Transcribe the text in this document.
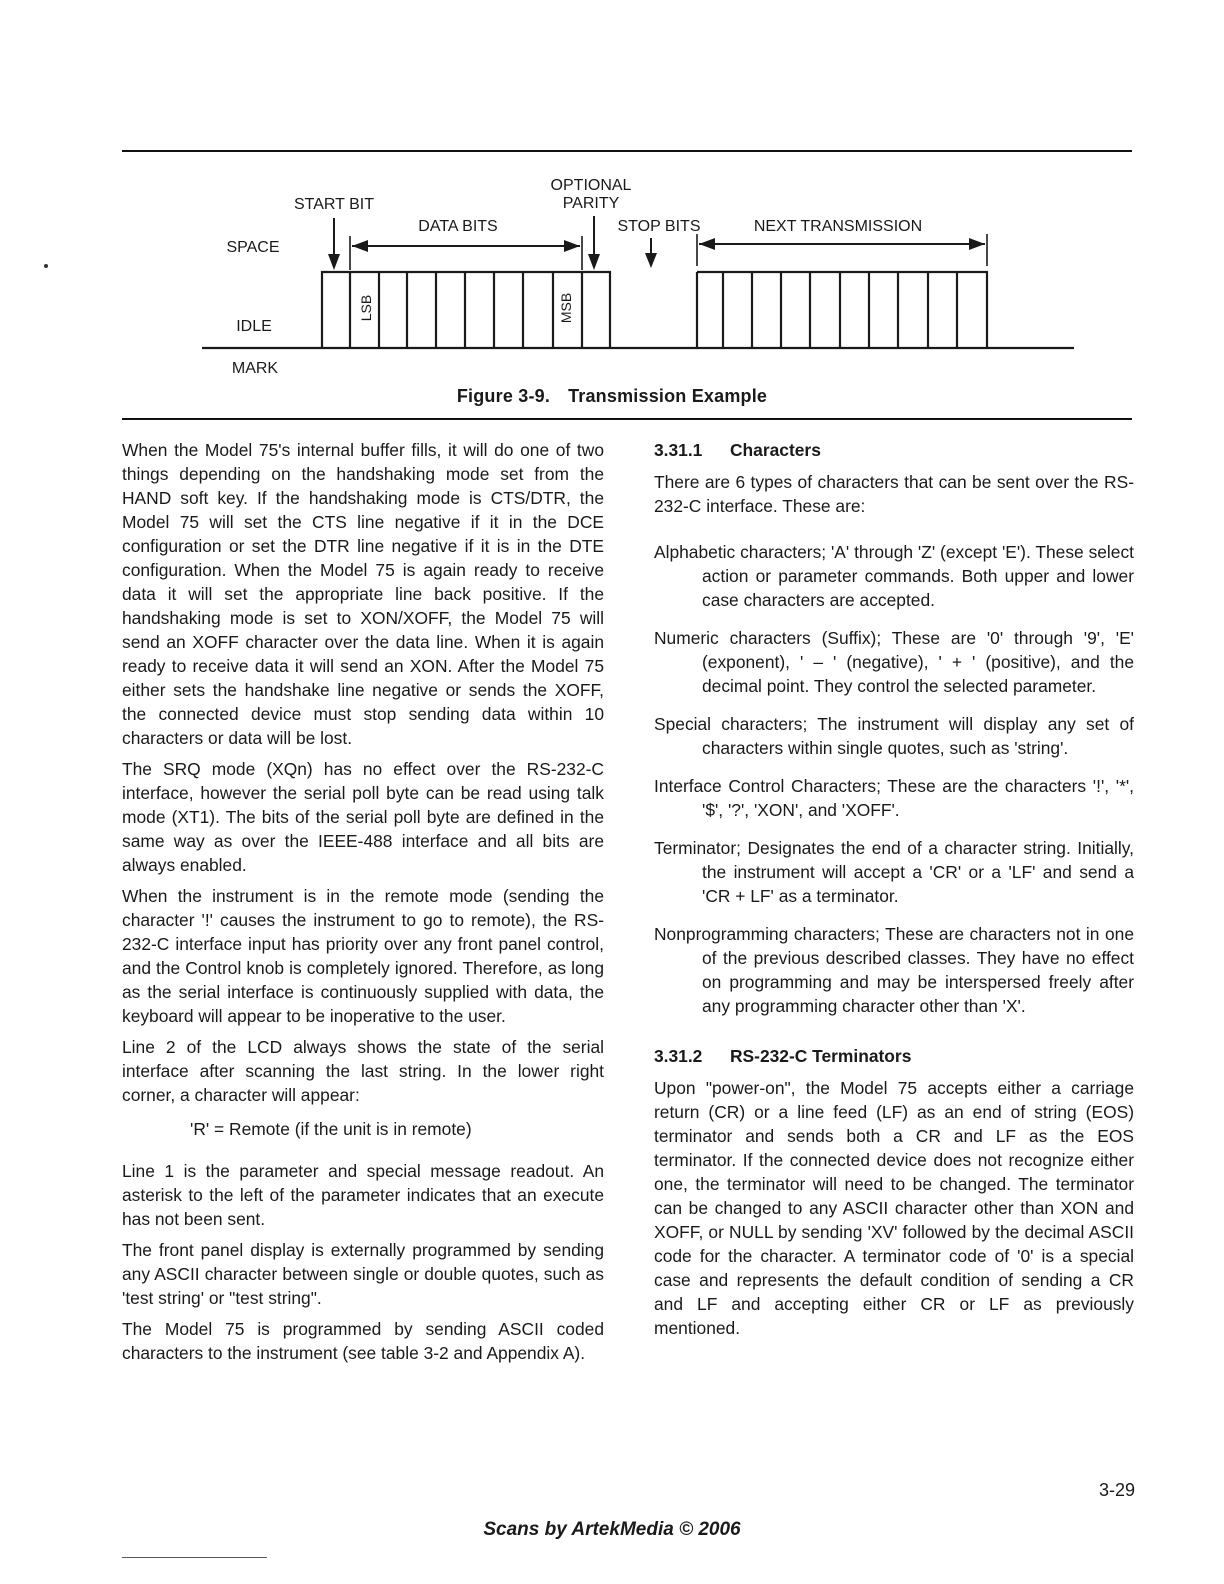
OPTIONAL
PARITY
START BIT
DATA BITS	STOP BITS	NEXT TRANSMISSION
SPACE
IDLE
MARK
LSB	MSB
Figure 3-9. Transmission Example

When the Model 75's internal buffer fills, it will do one of two things depending on the handshaking mode set from the HAND soft key. If the handshaking mode is CTS/DTR, the Model 75 will set the CTS line negative if it in the DCE configuration or set the DTR line negative if it is in the DTE configuration. When the Model 75 is again ready to receive data it will set the appropriate line back positive. If the handshaking mode is set to XON/XOFF, the Model 75 will send an XOFF character over the data line. When it is again ready to receive data it will send an XON. After the Model 75 either sets the handshake line negative or sends the XOFF, the connected device must stop sending data within 10 characters or data will be lost.

The SRQ mode (XQn) has no effect over the RS-232-C interface, however the serial poll byte can be read using talk mode (XT1). The bits of the serial poll byte are defined in the same way as over the IEEE-488 interface and all bits are always enabled.

When the instrument is in the remote mode (sending the character '!' causes the instrument to go to remote), the RS-232-C interface input has priority over any front panel control, and the Control knob is completely ignored. Therefore, as long as the serial interface is continuously supplied with data, the keyboard will appear to be inoperative to the user.

Line 2 of the LCD always shows the state of the serial interface after scanning the last string. In the lower right corner, a character will appear:

'R' = Remote (if the unit is in remote)

Line 1 is the parameter and special message readout. An asterisk to the left of the parameter indicates that an execute has not been sent.

The front panel display is externally programmed by sending any ASCII character between single or double quotes, such as 'test string' or "test string".

The Model 75 is programmed by sending ASCII coded characters to the instrument (see table 3-2 and Appendix A).

3.31.1 Characters

There are 6 types of characters that can be sent over the RS-232-C interface. These are:

Alphabetic characters; 'A' through 'Z' (except 'E'). These select action or parameter commands. Both upper and lower case characters are accepted.

Numeric characters (Suffix); These are '0' through '9', 'E' (exponent), ' – ' (negative), ' + ' (positive), and the decimal point. They control the selected parameter.

Special characters; The instrument will display any set of characters within single quotes, such as 'string'.

Interface Control Characters; These are the characters '!', '*', '$', '?', 'XON', and 'XOFF'.

Terminator; Designates the end of a character string. Initially, the instrument will accept a 'CR' or a 'LF' and send a 'CR + LF' as a terminator.

Nonprogramming characters; These are characters not in one of the previous described classes. They have no effect on programming and may be interspersed freely after any programming character other than 'X'.

3.31.2 RS-232-C Terminators

Upon "power-on", the Model 75 accepts either a carriage return (CR) or a line feed (LF) as an end of string (EOS) terminator and sends both a CR and LF as the EOS terminator. If the connected device does not recognize either one, the terminator will need to be changed. The terminator can be changed to any ASCII character other than XON and XOFF, or NULL by sending 'XV' followed by the decimal ASCII code for the character. A terminator code of '0' is a special case and represents the default condition of sending a CR and LF and accepting either CR or LF as previously mentioned.

3-29
Scans by ArtekMedia © 2006
